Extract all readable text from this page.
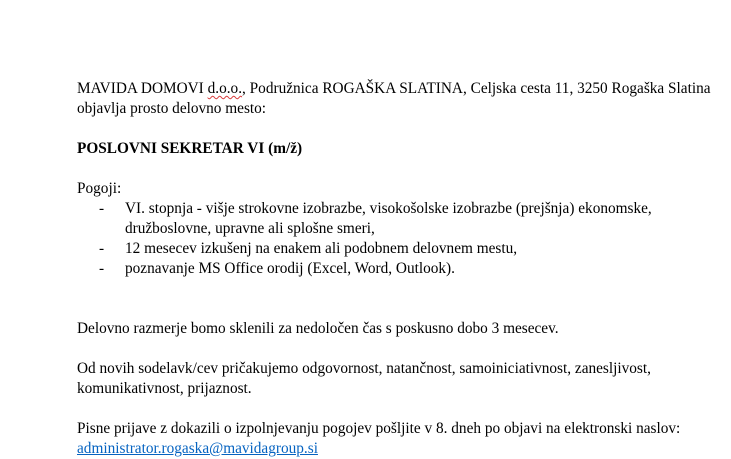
MAVIDA DOMOVI d.o.o., Podružnica ROGAŠKA SLATINA, Celjska cesta 11, 3250 Rogaška Slatina objavlja prosto delovno mesto:

POSLOVNI SEKRETAR VI (m/ž)

Pogoji:

- VI. stopnja - višje strokovne izobrazbe, visokošolske izobrazbe (prejšnja) ekonomske, družboslovne, upravne ali splošne smeri,
- 12 mesecev izkušenj na enakem ali podobnem delovnem mestu,
- poznavanje MS Office orodij (Excel, Word, Outlook).

Delovno razmerje bomo sklenili za nedoločen čas s poskusno dobo 3 mesecev.

Od novih sodelavk/cev pričakujemo odgovornost, natančnost, samoiniciativnost, zanesljivost, komunikativnost, prijaznost.

Pisne prijave z dokazili o izpolnjevanju pogojev pošljite v 8. dneh po objavi na elektronski naslov: administrator.rogaska@mavidagroup.si
